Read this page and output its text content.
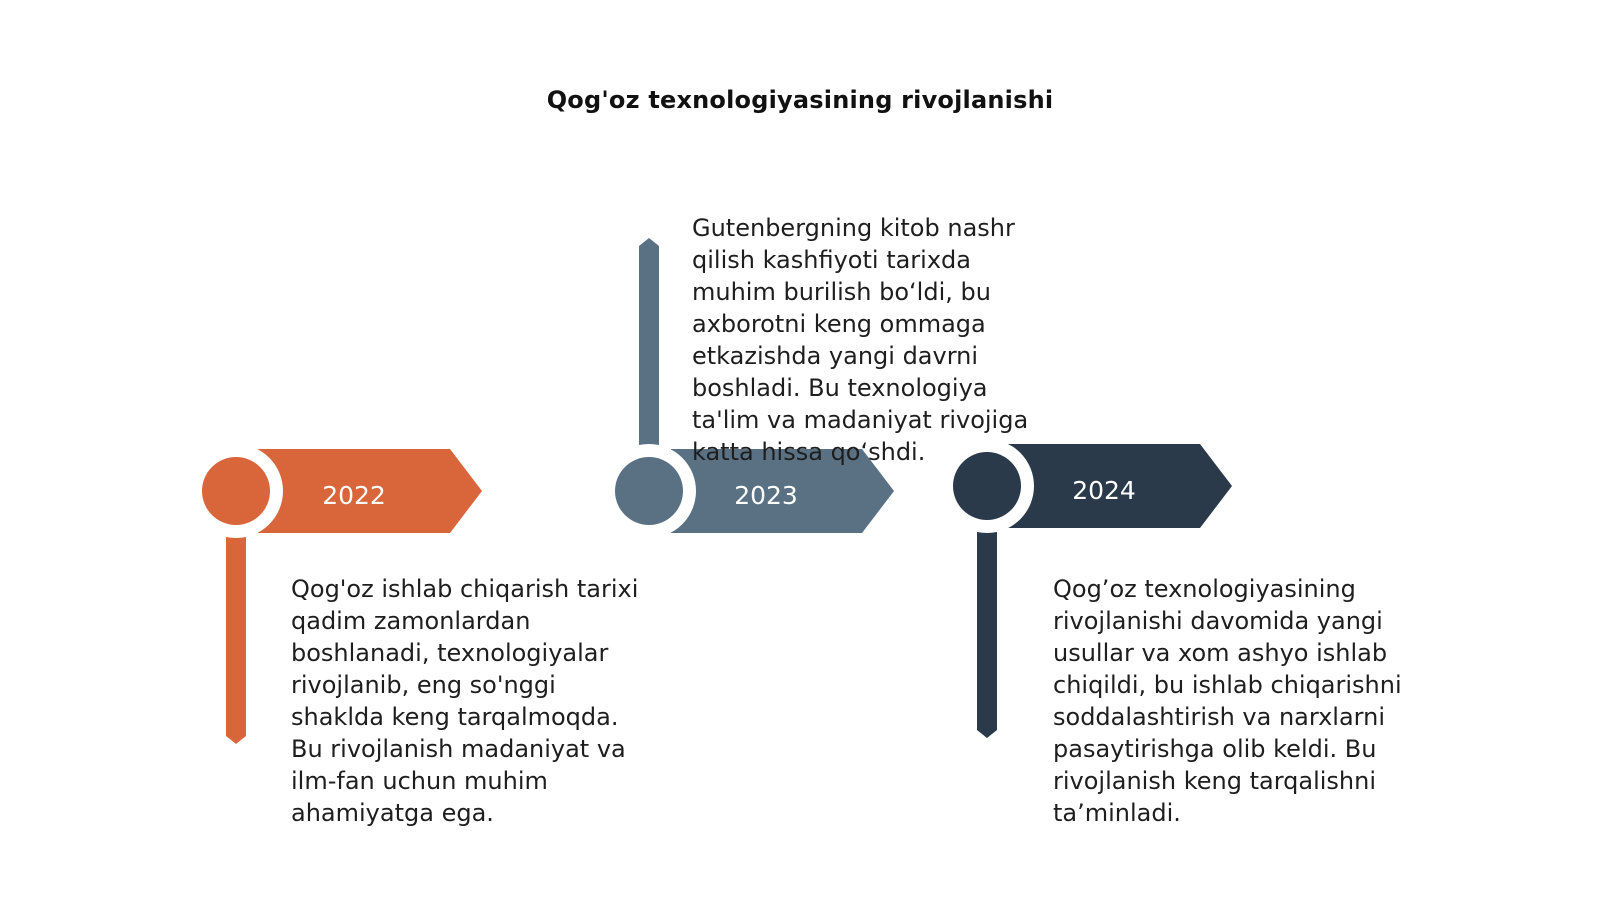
Qog'oz texnologiyasining rivojlanishi
2022	2023	2024

Qog'oz ishlab chiqarish tarixi qadim zamonlardan boshlanadi, texnologiyalar rivojlanib, eng so'nggi shaklda keng tarqalmoqda. Bu rivojlanish madaniyat va ilm-fan uchun muhim ahamiyatga ega.

Gutenbergning kitob nashr qilish kashfiyoti tarixda muhim burilish bo‘ldi, bu axborotni keng ommaga etkazishda yangi davrni boshladi. Bu texnologiya ta'lim va madaniyat rivojiga katta hissa qo‘shdi.

Qog’oz texnologiyasining rivojlanishi davomida yangi usullar va xom ashyo ishlab chiqildi, bu ishlab chiqarishni soddalashtirish va narxlarni pasaytirishga olib keldi. Bu rivojlanish keng tarqalishni ta’minladi.
